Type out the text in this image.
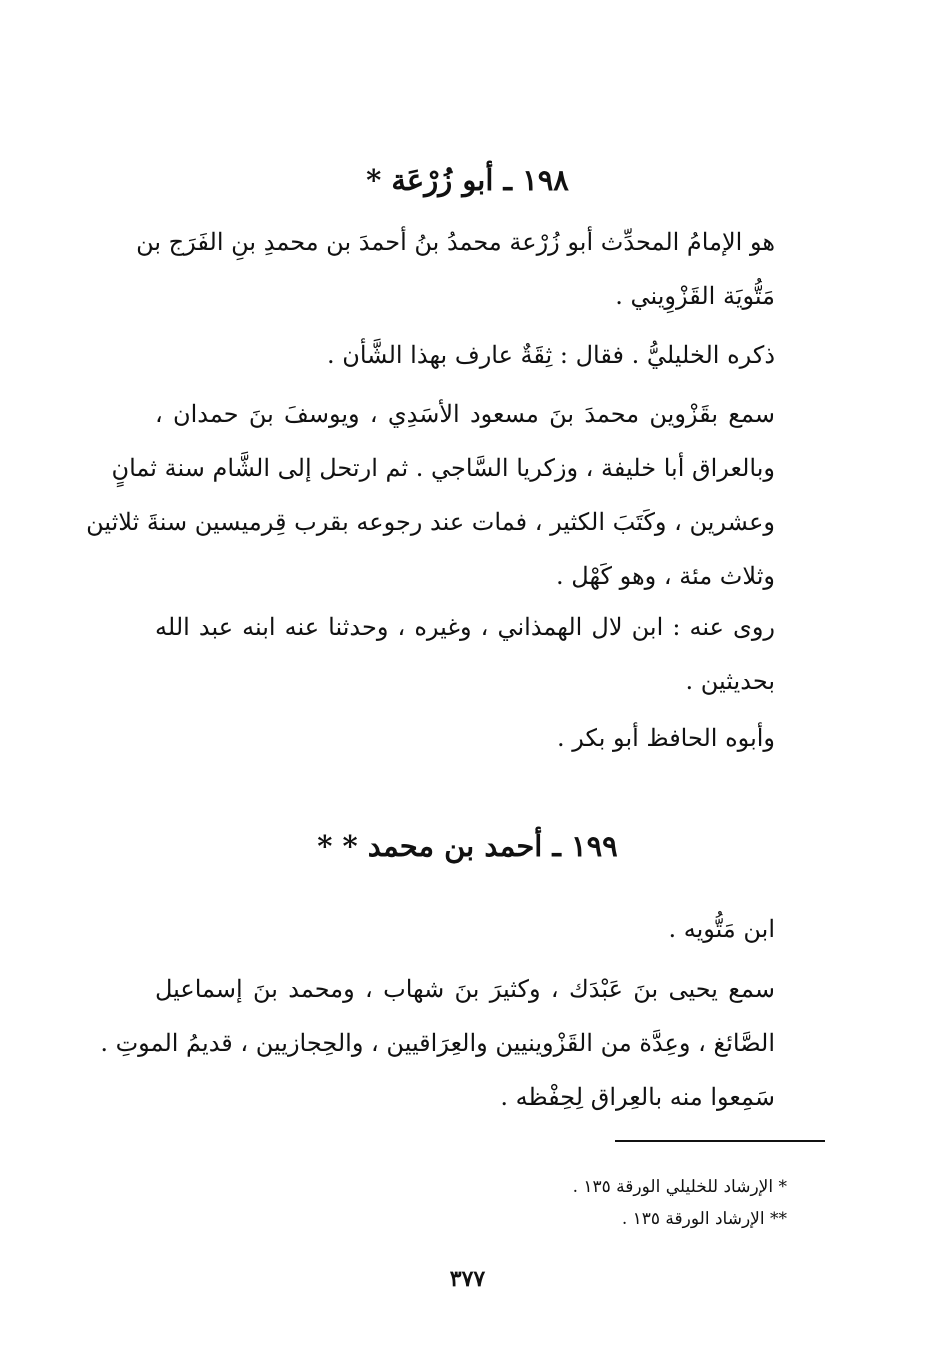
١٩٨ ـ أبو زُرْعَة *
هو الإمامُ المحدِّث أبو زُرْعة محمدُ بنُ أحمدَ بن محمدِ بنِ الفَرَج بن
مَتُّويَة القَزْوِيني .
ذكره الخليليُّ . فقال : ثِقَةٌ عارف بهذا الشَّأن .
سمع بقَزْوين محمدَ بنَ مسعود الأسَدِي ، ويوسفَ بنَ حمدان ،
وبالعراق أبا خليفة ، وزكريا السَّاجي . ثم ارتحل إلى الشَّام سنة ثمانٍ
وعشرين ، وكَتَبَ الكثير ، فمات عند رجوعه بقرب قِرميسين سنةَ ثلاثين
وثلاث مئة ، وهو كَهْل .
روى عنه : ابن لال الهمذاني ، وغيره ، وحدثنا عنه ابنه عبد الله
بحديثين .
وأبوه الحافظ أبو بكر .
١٩٩ ـ أحمد بن محمد * *
ابن مَتُّويه .
سمع يحيى بنَ عَبْدَك ، وكثيرَ بنَ شهاب ، ومحمد بنَ إسماعيل
الصَّائغ ، وعِدَّة من القَزْوينيين والعِرَاقيين ، والحِجازيين ، قديمُ الموتِ .
سَمِعوا منه بالعِراق لِحِفْظه .
* الإرشاد للخليلي الورقة ١٣٥ .
** الإرشاد الورقة ١٣٥ .
٣٧٧
